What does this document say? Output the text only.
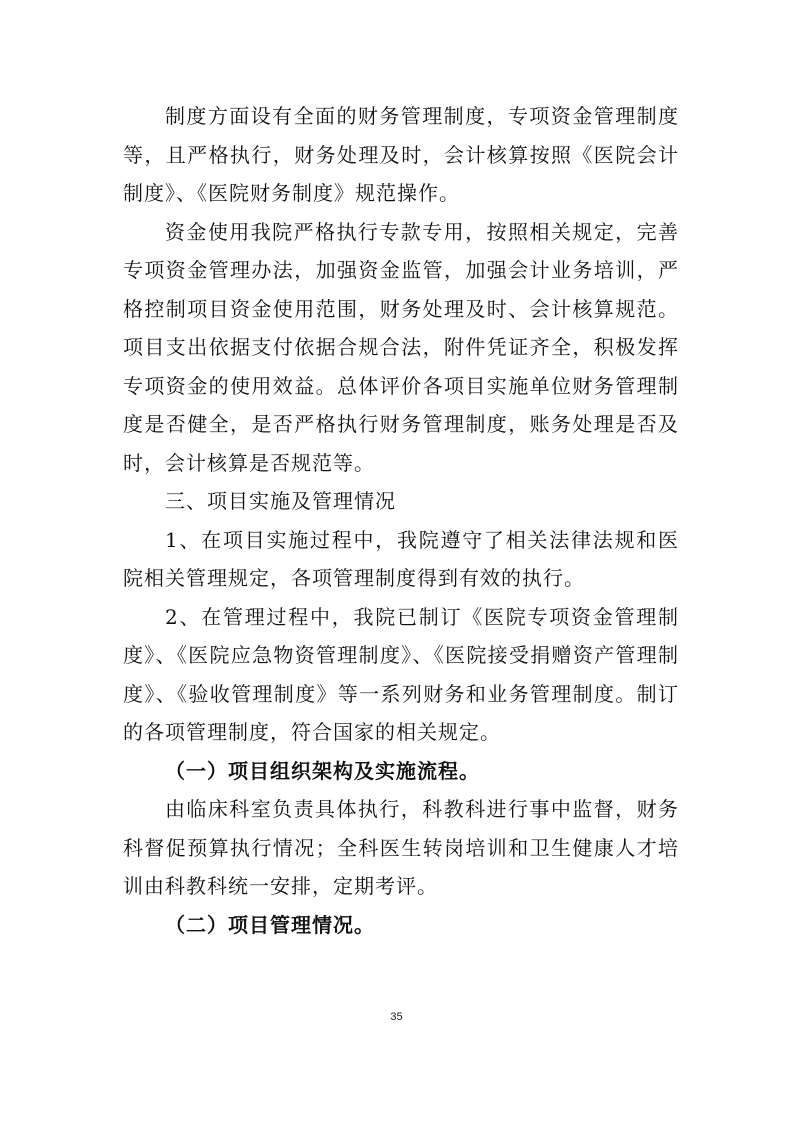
制度方面设有全面的财务管理制度，专项资金管理制度等，且严格执行，财务处理及时，会计核算按照《医院会计制度》、《医院财务制度》规范操作。

资金使用我院严格执行专款专用，按照相关规定，完善专项资金管理办法，加强资金监管，加强会计业务培训，严格控制项目资金使用范围，财务处理及时、会计核算规范。项目支出依据支付依据合规合法，附件凭证齐全，积极发挥专项资金的使用效益。总体评价各项目实施单位财务管理制度是否健全，是否严格执行财务管理制度，账务处理是否及时，会计核算是否规范等。

三、项目实施及管理情况

1、在项目实施过程中，我院遵守了相关法律法规和医院相关管理规定，各项管理制度得到有效的执行。

2、在管理过程中，我院已制订《医院专项资金管理制度》、《医院应急物资管理制度》、《医院接受捐赠资产管理制度》、《验收管理制度》等一系列财务和业务管理制度。制订的各项管理制度，符合国家的相关规定。

（一）项目组织架构及实施流程。

由临床科室负责具体执行，科教科进行事中监督，财务科督促预算执行情况；全科医生转岗培训和卫生健康人才培训由科教科统一安排，定期考评。

（二）项目管理情况。

35
